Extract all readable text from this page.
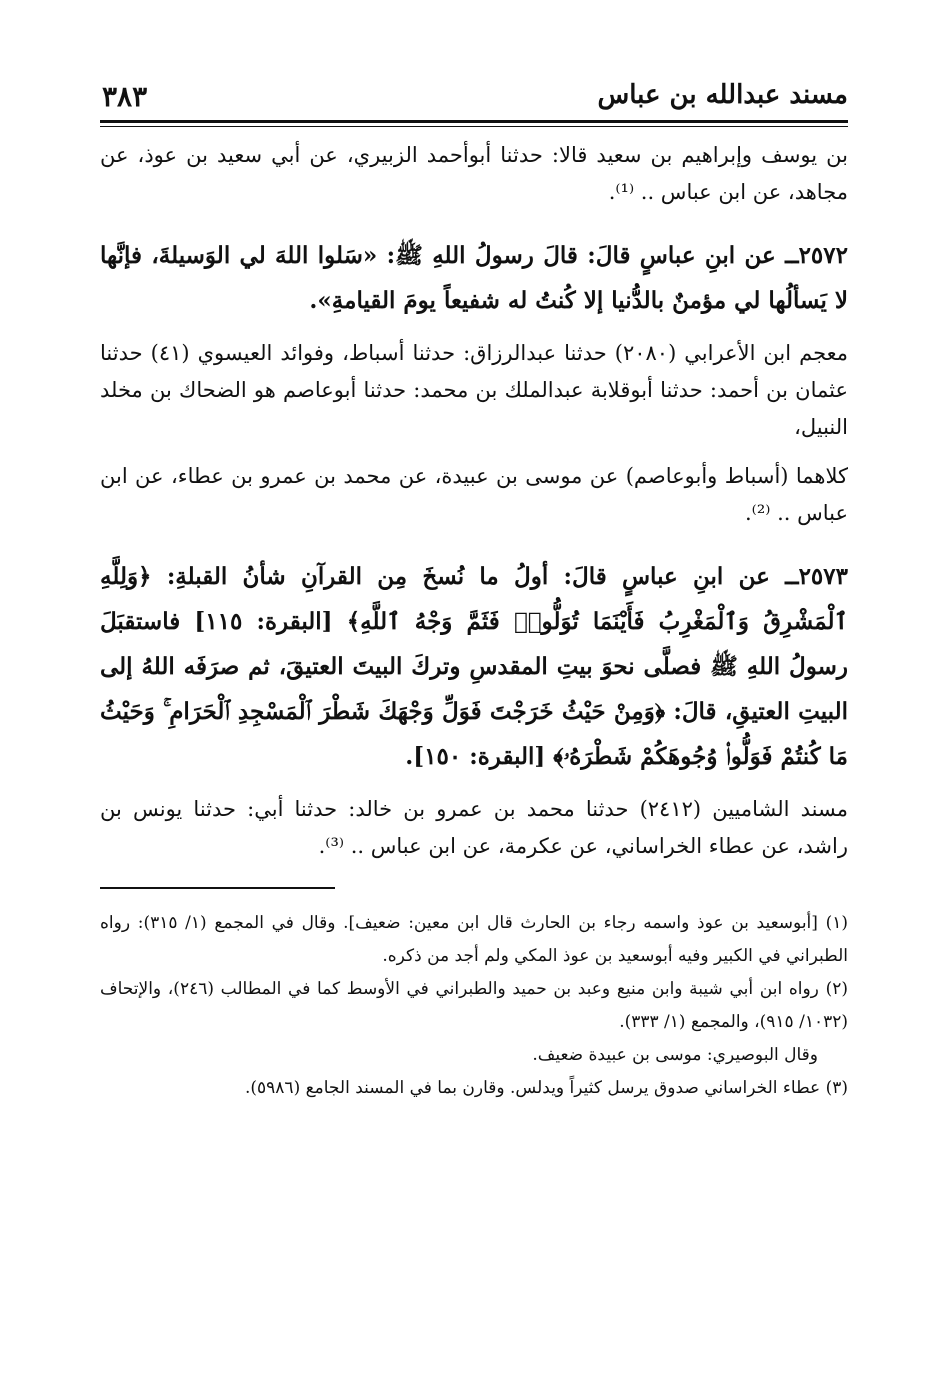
مسند عبدالله بن عباس
٣٨٣

بن يوسف وإبراهيم بن سعيد قالا: حدثنا أبوأحمد الزبيري، عن أبي سعيد بن عوذ، عن مجاهد، عن ابن عباس .. ⁽¹⁾.

٢٥٧٢ــ عن ابنِ عباسٍ قالَ: قالَ رسولُ اللهِ ﷺ: «سَلوا اللهَ لي الوَسيلةَ، فإنَّها لا يَسألُها لي مؤمنٌ بالدُّنيا إلا كُنتُ له شفيعاً يومَ القيامةِ».

معجم ابن الأعرابي (٢٠٨٠) حدثنا عبدالرزاق: حدثنا أسباط، وفوائد العيسوي (٤١) حدثنا عثمان بن أحمد: حدثنا أبوقلابة عبدالملك بن محمد: حدثنا أبوعاصم هو الضحاك بن مخلد النبيل،

كلاهما (أسباط وأبوعاصم) عن موسى بن عبيدة، عن محمد بن عمرو بن عطاء، عن ابن عباس .. ⁽²⁾.

٢٥٧٣ــ عن ابنِ عباسٍ قالَ: أولُ ما نُسخَ مِن القرآنِ شأنُ القبلةِ: ﴿وَلِلَّهِ ٱلْمَشْرِقُ وَٱلْمَغْرِبُ فَأَيْنَمَا تُوَلُّوا۟ فَثَمَّ وَجْهُ ٱللَّهِ﴾ [البقرة: ١١٥] فاستقبَلَ رسولُ اللهِ ﷺ فصلَّى نحوَ بيتِ المقدسِ وتركَ البيتَ العتيقَ، ثم صرَفَه اللهُ إلى البيتِ العتيقِ، قالَ: ﴿وَمِنْ حَيْثُ خَرَجْتَ فَوَلِّ وَجْهَكَ شَطْرَ ٱلْمَسْجِدِ ٱلْحَرَامِ ۚ وَحَيْثُ مَا كُنتُمْ فَوَلُّوا۟ وُجُوهَكُمْ شَطْرَهُۥ﴾ [البقرة: ١٥٠].

مسند الشاميين (٢٤١٢) حدثنا محمد بن عمرو بن خالد: حدثنا أبي: حدثنا يونس بن راشد، عن عطاء الخراساني، عن عكرمة، عن ابن عباس .. ⁽³⁾.

(١) [أبوسعيد بن عوذ واسمه رجاء بن الحارث قال ابن معين: ضعيف]. وقال في المجمع (١/ ٣١٥): رواه الطبراني في الكبير وفيه أبوسعيد بن عوذ المكي ولم أجد من ذكره.
(٢) رواه ابن أبي شيبة وابن منيع وعبد بن حميد والطبراني في الأوسط كما في المطالب (٢٤٦)، والإتحاف (١٠٣٢/ ٩١٥)، والمجمع (١/ ٣٣٣).
وقال البوصيري: موسى بن عبيدة ضعيف.
(٣) عطاء الخراساني صدوق يرسل كثيراً ويدلس. وقارن بما في المسند الجامع (٥٩٨٦).
